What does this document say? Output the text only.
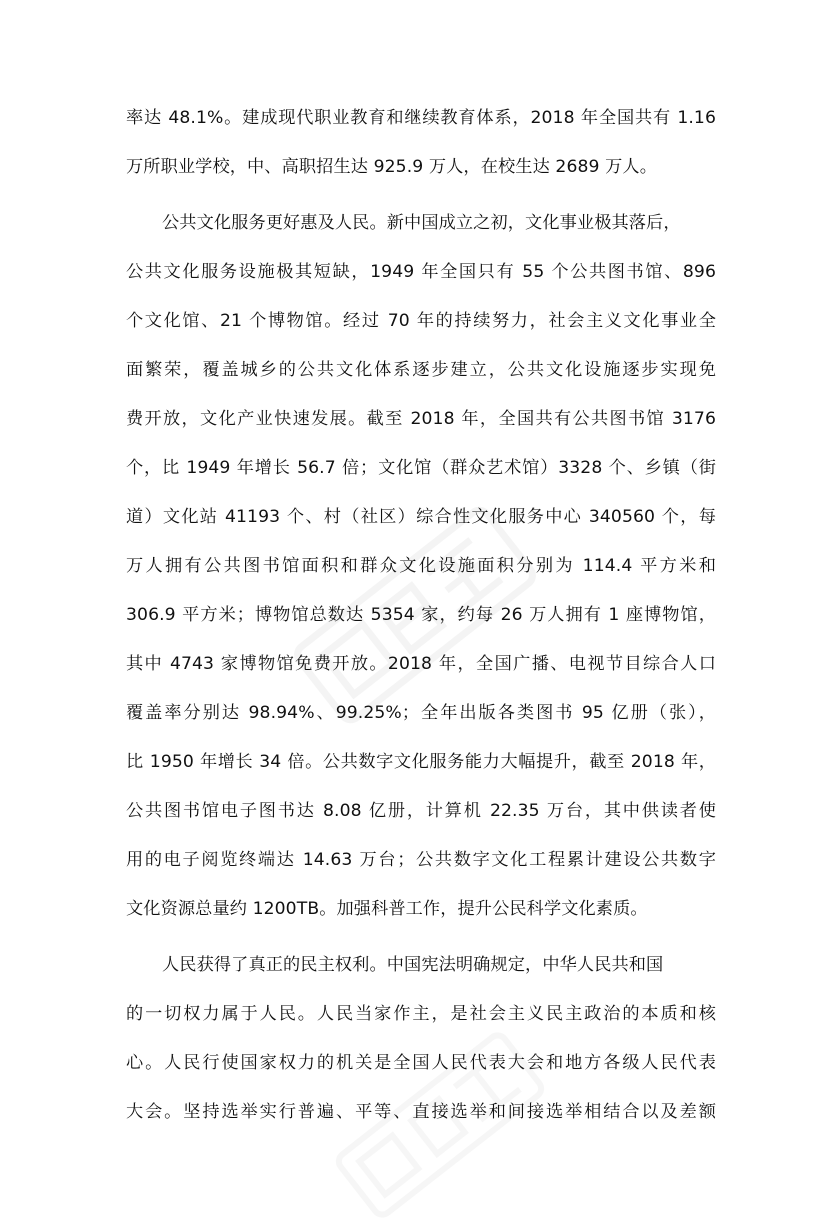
率达 48.1%。建成现代职业教育和继续教育体系，2018 年全国共有 1.16
万所职业学校，中、高职招生达 925.9 万人，在校生达 2689 万人。
公共文化服务更好惠及人民。新中国成立之初，文化事业极其落后，
公共文化服务设施极其短缺，1949 年全国只有 55 个公共图书馆、896
个文化馆、21 个博物馆。经过 70 年的持续努力，社会主义文化事业全
面繁荣，覆盖城乡的公共文化体系逐步建立，公共文化设施逐步实现免
费开放，文化产业快速发展。截至 2018 年，全国共有公共图书馆 3176
个，比 1949 年增长 56.7 倍；文化馆（群众艺术馆）3328 个、乡镇（街
道）文化站 41193 个、村（社区）综合性文化服务中心 340560 个，每
万人拥有公共图书馆面积和群众文化设施面积分别为 114.4 平方米和
306.9 平方米；博物馆总数达 5354 家，约每 26 万人拥有 1 座博物馆，
其中 4743 家博物馆免费开放。2018 年，全国广播、电视节目综合人口
覆盖率分别达 98.94%、99.25%；全年出版各类图书 95 亿册（张），
比 1950 年增长 34 倍。公共数字文化服务能力大幅提升，截至 2018 年，
公共图书馆电子图书达 8.08 亿册，计算机 22.35 万台，其中供读者使
用的电子阅览终端达 14.63 万台；公共数字文化工程累计建设公共数字
文化资源总量约 1200TB。加强科普工作，提升公民科学文化素质。
人民获得了真正的民主权利。中国宪法明确规定，中华人民共和国
的一切权力属于人民。人民当家作主，是社会主义民主政治的本质和核
心。人民行使国家权力的机关是全国人民代表大会和地方各级人民代表
大会。坚持选举实行普遍、平等、直接选举和间接选举相结合以及差额
